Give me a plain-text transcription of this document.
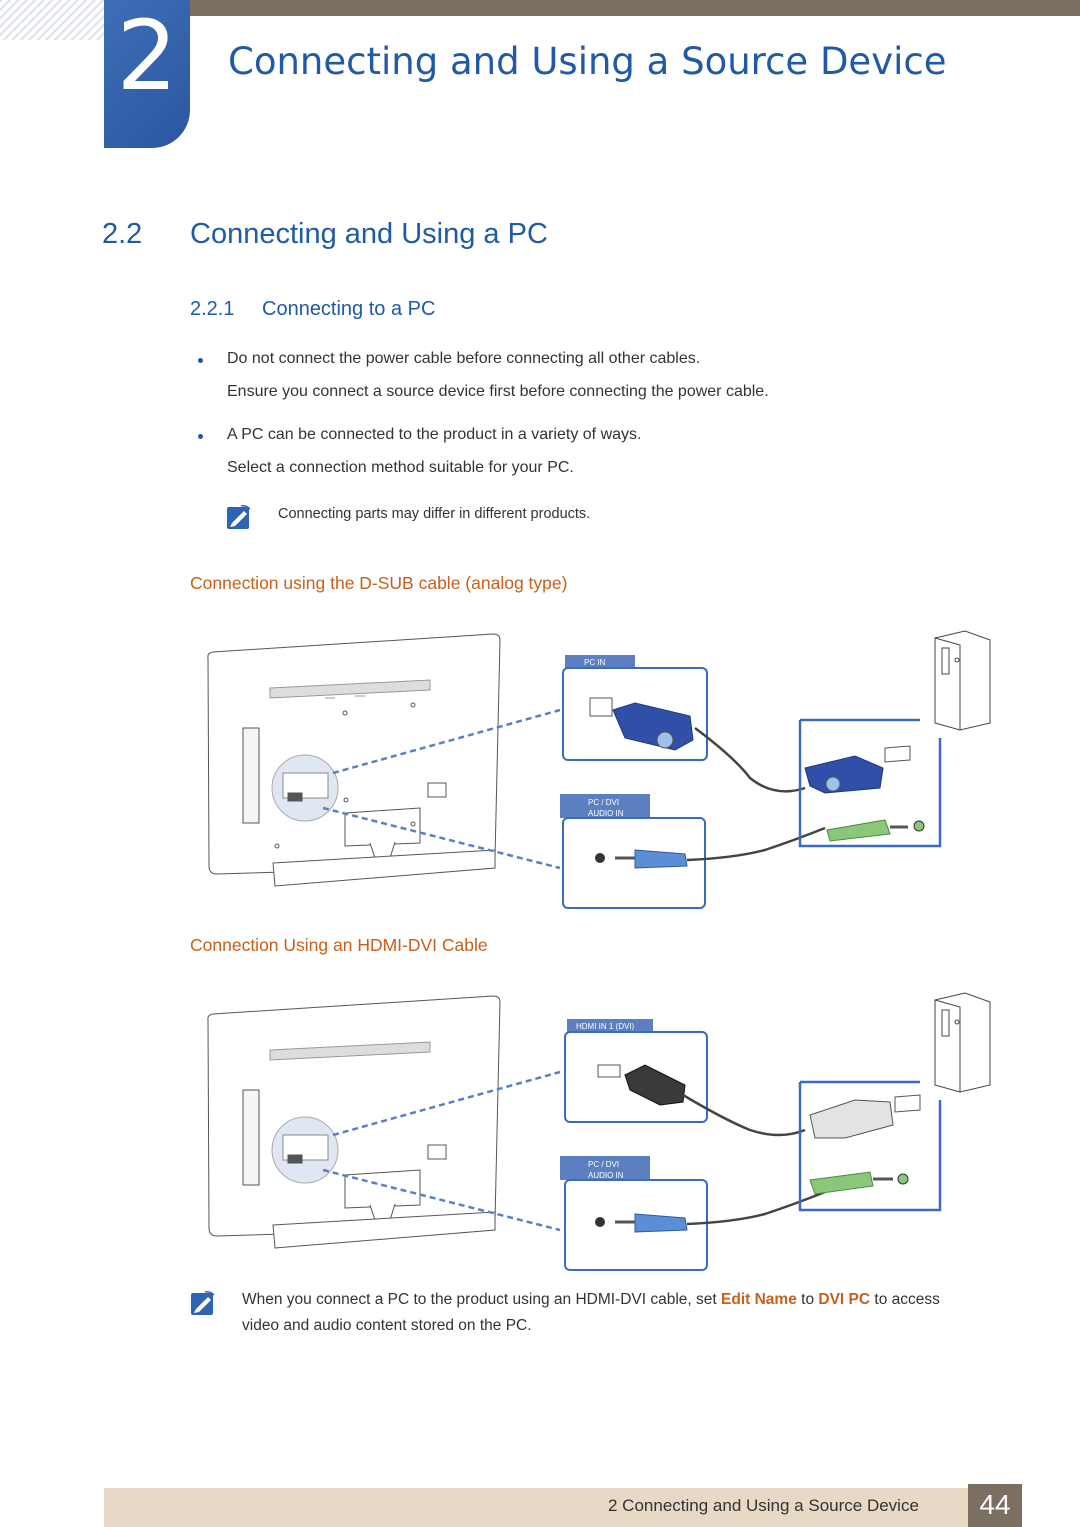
2	Connecting and Using a Source Device
2.2 Connecting and Using a PC
2.2.1 Connecting to a PC
Do not connect the power cable before connecting all other cables.
Ensure you connect a source device first before connecting the power cable.
A PC can be connected to the product in a variety of ways.
Select a connection method suitable for your PC.
Connecting parts may differ in different products.
Connection using the D-SUB cable (analog type)
PC IN
PC / DVI
AUDIO IN
Connection Using an HDMI-DVI Cable
HDMI IN 1 (DVI)
PC / DVI
AUDIO IN
When you connect a PC to the product using an HDMI-DVI cable, set Edit Name to DVI PC to access
video and audio content stored on the PC.
2 Connecting and Using a Source Device	44
